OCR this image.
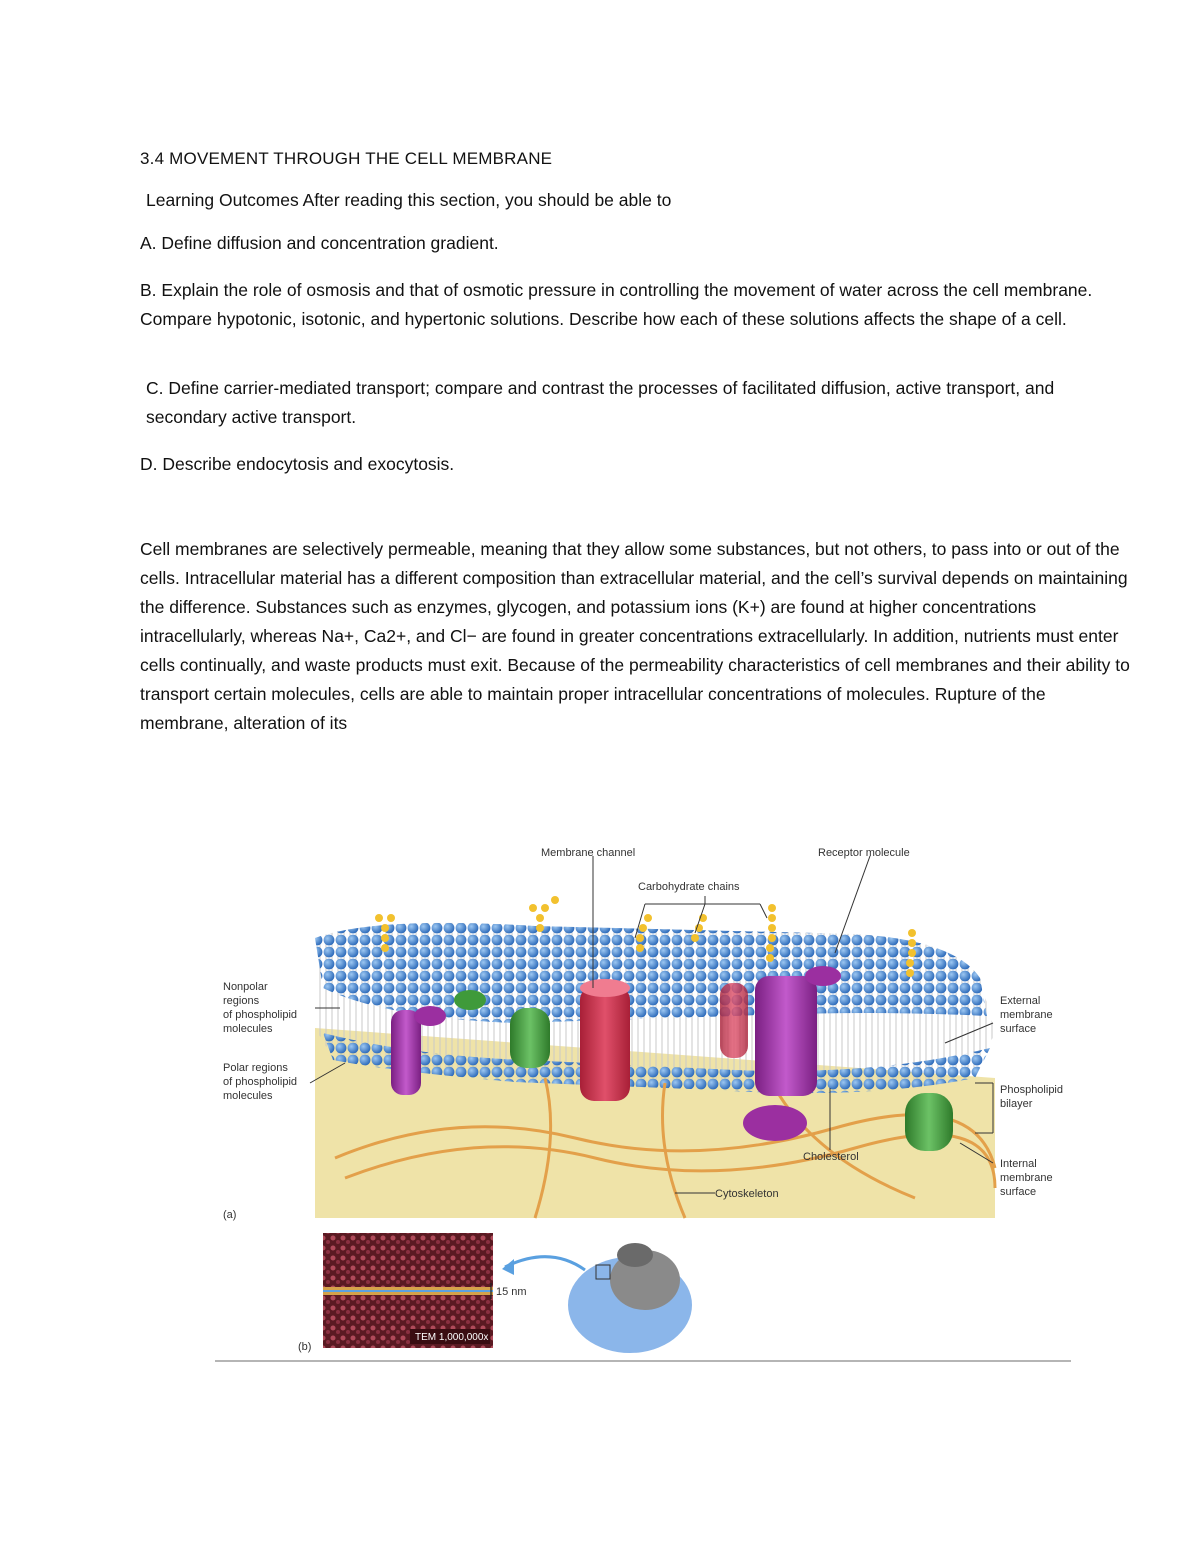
3.4 MOVEMENT THROUGH THE CELL MEMBRANE
Learning Outcomes After reading this section, you should be able to
A. Define diffusion and concentration gradient.
B. Explain the role of osmosis and that of osmotic pressure in controlling the movement of water across the cell membrane. Compare hypotonic, isotonic, and hypertonic solutions. Describe how each of these solutions affects the shape of a cell.
C. Define carrier-mediated transport; compare and contrast the processes of facilitated diffusion, active transport, and secondary active transport.
D. Describe endocytosis and exocytosis.
Cell membranes are selectively permeable, meaning that they allow some substances, but not others, to pass into or out of the cells. Intracellular material has a different composition than extracellular material, and the cell’s survival depends on maintaining the difference. Substances such as enzymes, glycogen, and potassium ions (K+) are found at higher concentrations intracellularly, whereas Na+, Ca2+, and Cl− are found in greater concentrations extracellularly. In addition, nutrients must enter cells continually, and waste products must exit. Because of the permeability characteristics of cell membranes and their ability to transport certain molecules, cells are able to maintain proper intracellular concentrations of molecules. Rupture of the membrane, alteration of its
Membrane channel	Receptor molecule
Carbohydrate chains
Nonpolar
regions
of phospholipid
molecules
Polar regions
of phospholipid
molecules
External
membrane
surface
Phospholipid
bilayer
Internal
membrane
surface
Cholesterol
Cytoskeleton
(a)
15 nm
TEM 1,000,000x
(b)
